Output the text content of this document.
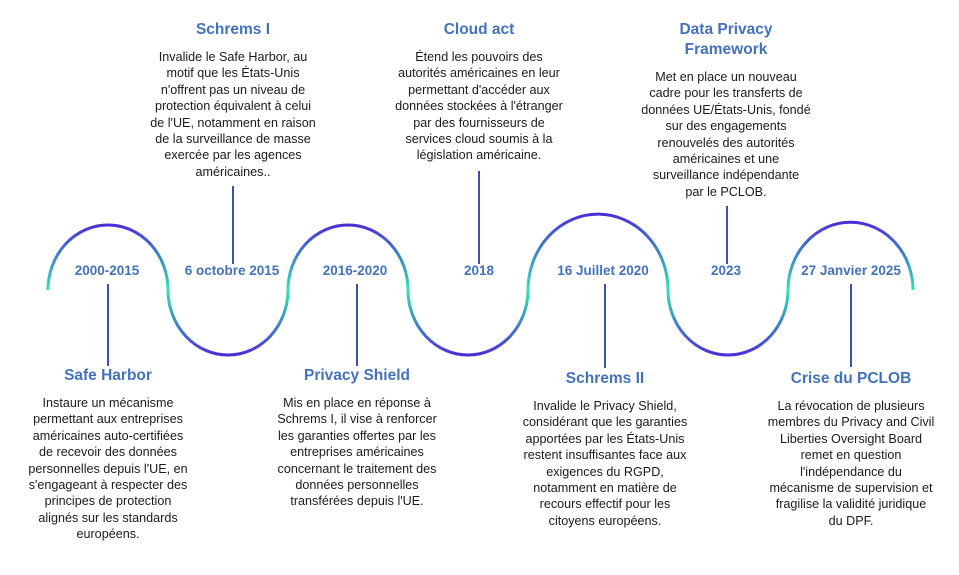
2000-2015	6 octobre 2015	2016-2020	2018	16 Juillet 2020	2023	27 Janvier 2025
Schrems I
Invalide le Safe Harbor, au
motif que les États-Unis
n'offrent pas un niveau de
protection équivalent à celui
de l'UE, notamment en raison
de la surveillance de masse
exercée par les agences
américaines..
Cloud act
Étend les pouvoirs des
autorités américaines en leur
permettant d'accéder aux
données stockées à l'étranger
par des fournisseurs de
services cloud soumis à la
législation américaine.
Data Privacy
Framework
Met en place un nouveau
cadre pour les transferts de
données UE/États-Unis, fondé
sur des engagements
renouvelés des autorités
américaines et une
surveillance indépendante
par le PCLOB.
Safe Harbor
Instaure un mécanisme
permettant aux entreprises
américaines auto-certifiées
de recevoir des données
personnelles depuis l'UE, en
s'engageant à respecter des
principes de protection
alignés sur les standards
européens.
Privacy Shield
Mis en place en réponse à
Schrems I, il vise à renforcer
les garanties offertes par les
entreprises américaines
concernant le traitement des
données personnelles
transférées depuis l'UE.
Schrems II
Invalide le Privacy Shield,
considérant que les garanties
apportées par les États-Unis
restent insuffisantes face aux
exigences du RGPD,
notamment en matière de
recours effectif pour les
citoyens européens.
Crise du PCLOB
La révocation de plusieurs
membres du Privacy and Civil
Liberties Oversight Board
remet en question
l'indépendance du
mécanisme de supervision et
fragilise la validité juridique
du DPF.
